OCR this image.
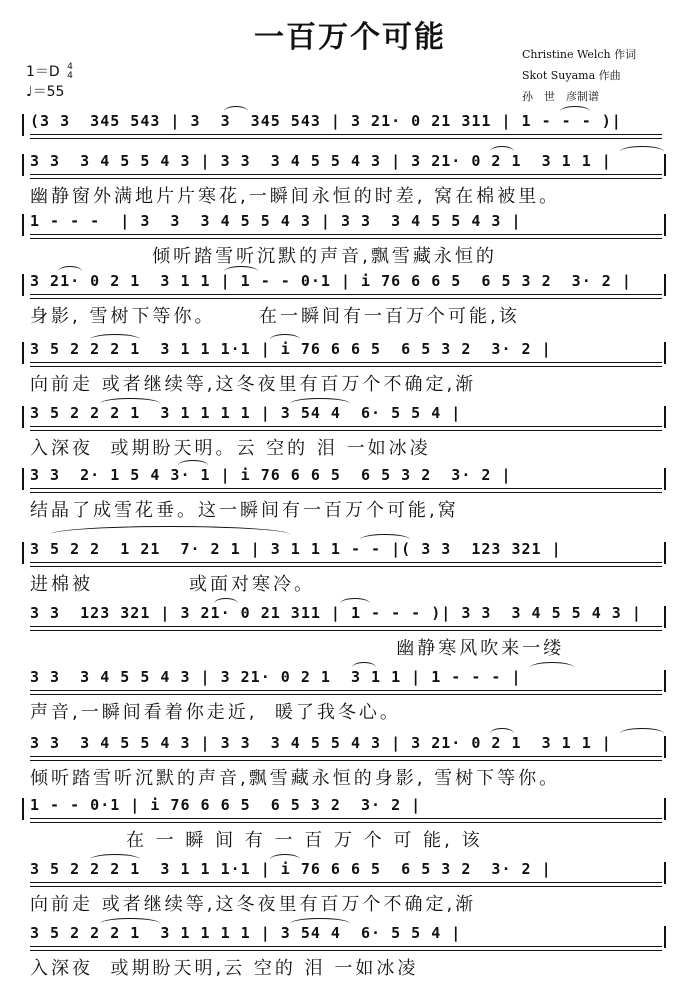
一百万个可能	Christine Welch 作词
Skot Suyama 作曲
孙　世　彦制谱
1＝D 4
4
♩＝55
(3 3  345 543 | 3  3  345 543 | 3 21· 0 21 311 | 1 - - - )|
3 3  3 4 5 5 4 3 | 3 3  3 4 5 5 4 3 | 3 21· 0 2 1  3 1 1 |
幽静窗外满地片片寒花,一瞬间永恒的时差, 窝在棉被里。
1 - - -  | 3  3  3 4 5 5 4 3 | 3 3  3 4 5 5 4 3 |
倾听踏雪听沉默的声音,飘雪藏永恒的
3 21· 0 2 1  3 1 1 | 1 - - 0·1 | i 76 6 6 5  6 5 3 2  3· 2 |
身影, 雪树下等你。     在一瞬间有一百万个可能,该
3 5 2 2 2 1  3 1 1 1·1 | i 76 6 6 5  6 5 3 2  3· 2 |
向前走 或者继续等,这冬夜里有百万个不确定,渐
3 5 2 2 2 1  3 1 1 1 1 | 3 54 4  6· 5 5 4 |
入深夜  或期盼天明。云 空的 泪 一如冰凌
3 3  2· 1 5 4 3· 1 | i 76 6 6 5  6 5 3 2  3· 2 |
结晶了成雪花垂。这一瞬间有一百万个可能,窝
3 5 2 2  1 21  7· 2 1 | 3 1 1 1 - - |( 3 3  123 321 |
进棉被           或面对寒冷。
3 3  123 321 | 3 21· 0 21 311 | 1 - - - )| 3 3  3 4 5 5 4 3 |
幽静寒风吹来一缕
3 3  3 4 5 5 4 3 | 3 21· 0 2 1  3 1 1 | 1 - - - |
声音,一瞬间看着你走近,  暖了我冬心。
3 3  3 4 5 5 4 3 | 3 3  3 4 5 5 4 3 | 3 21· 0 2 1  3 1 1 |
倾听踏雪听沉默的声音,飘雪藏永恒的身影, 雪树下等你。
1 - - 0·1 | i 76 6 6 5  6 5 3 2  3· 2 |
在 一 瞬 间 有 一 百 万 个 可 能, 该
3 5 2 2 2 1  3 1 1 1·1 | i 76 6 6 5  6 5 3 2  3· 2 |
向前走 或者继续等,这冬夜里有百万个不确定,渐
3 5 2 2 2 1  3 1 1 1 1 | 3 54 4  6· 5 5 4 |
入深夜  或期盼天明,云 空的 泪 一如冰凌
